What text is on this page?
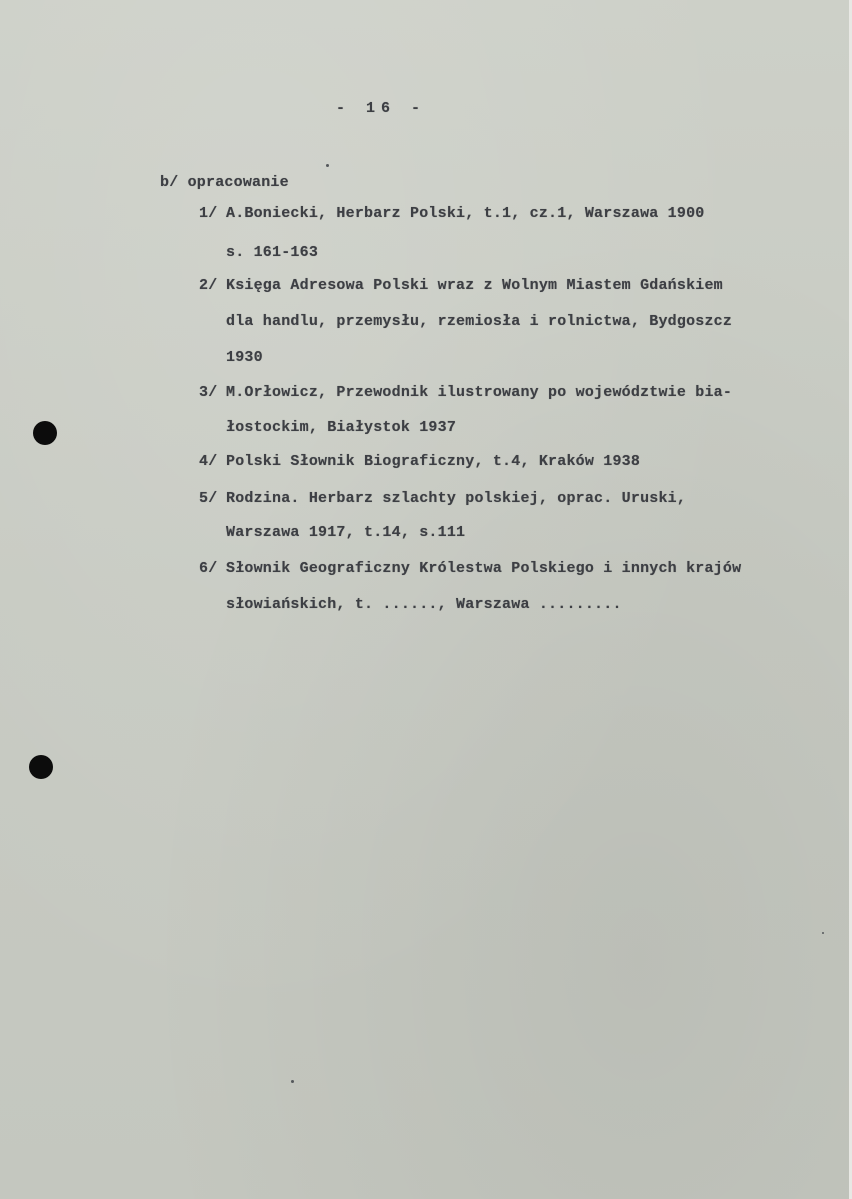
- 16 -
b/ opracowanie
1/ A.Boniecki, Herbarz Polski, t.1, cz.1, Warszawa 1900
s. 161-163
2/ Księga Adresowa Polski wraz z Wolnym Miastem Gdańskiem
dla handlu, przemysłu, rzemiosła i rolnictwa, Bydgoszcz
1930
3/ M.Orłowicz, Przewodnik ilustrowany po województwie bia-
łostockim, Białystok 1937
4/ Polski Słownik Biograficzny, t.4, Kraków 1938
5/ Rodzina. Herbarz szlachty polskiej, oprac. Uruski,
Warszawa 1917, t.14, s.111
6/ Słownik Geograficzny Królestwa Polskiego i innych krajów
słowiańskich, t. ......, Warszawa .........
